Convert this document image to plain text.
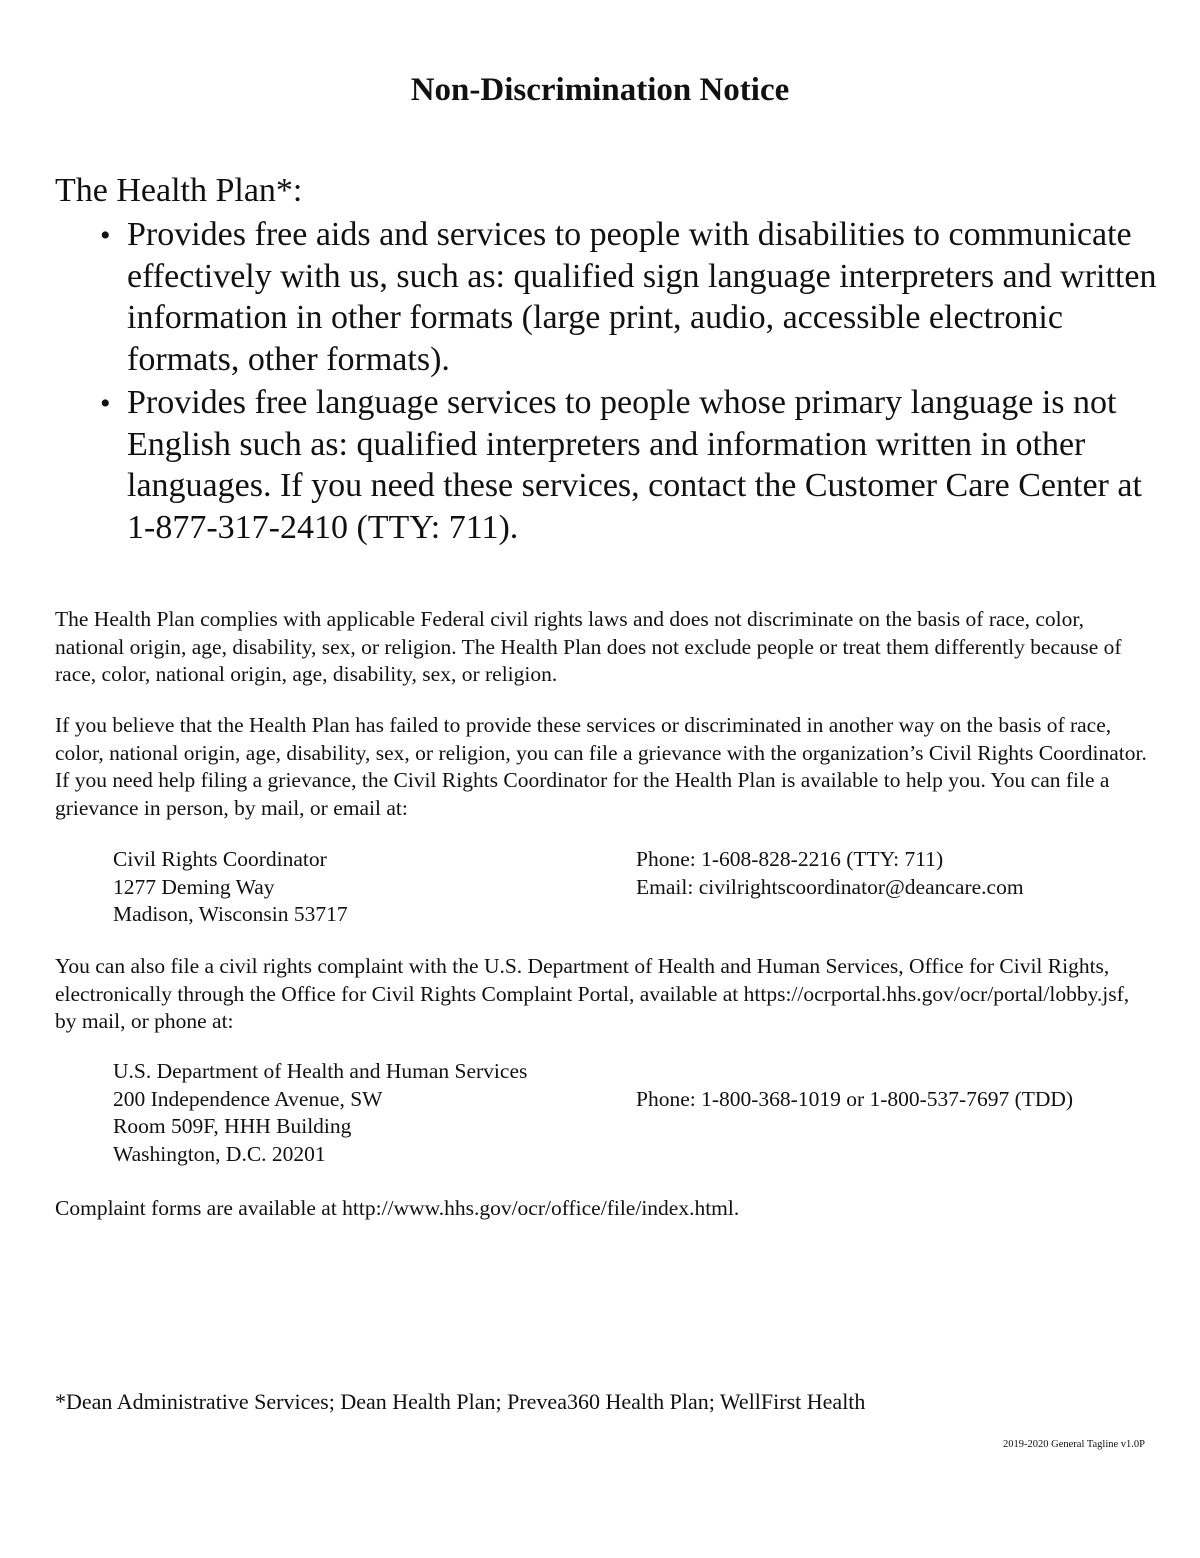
Non-Discrimination Notice
The Health Plan*:
• Provides free aids and services to people with disabilities to communicate effectively with us, such as: qualified sign language interpreters and written information in other formats (large print, audio, accessible electronic formats, other formats).
• Provides free language services to people whose primary language is not English such as: qualified interpreters and information written in other languages. If you need these services, contact the Customer Care Center at 1-877-317-2410 (TTY: 711).

The Health Plan complies with applicable Federal civil rights laws and does not discriminate on the basis of race, color, national origin, age, disability, sex, or religion. The Health Plan does not exclude people or treat them differently because of race, color, national origin, age, disability, sex, or religion.

If you believe that the Health Plan has failed to provide these services or discriminated in another way on the basis of race, color, national origin, age, disability, sex, or religion, you can file a grievance with the organization’s Civil Rights Coordinator. If you need help filing a grievance, the Civil Rights Coordinator for the Health Plan is available to help you. You can file a grievance in person, by mail, or email at:

Civil Rights Coordinator
1277 Deming Way
Madison, Wisconsin 53717
Phone: 1-608-828-2216 (TTY: 711)
Email: civilrightscoordinator@deancare.com

You can also file a civil rights complaint with the U.S. Department of Health and Human Services, Office for Civil Rights, electronically through the Office for Civil Rights Complaint Portal, available at https://ocrportal.hhs.gov/ocr/portal/lobby.jsf, by mail, or phone at:

U.S. Department of Health and Human Services
200 Independence Avenue, SW
Room 509F, HHH Building
Washington, D.C. 20201
Phone: 1-800-368-1019 or 1-800-537-7697 (TDD)

Complaint forms are available at http://www.hhs.gov/ocr/office/file/index.html.

*Dean Administrative Services; Dean Health Plan; Prevea360 Health Plan; WellFirst Health
2019-2020 General Tagline v1.0P
